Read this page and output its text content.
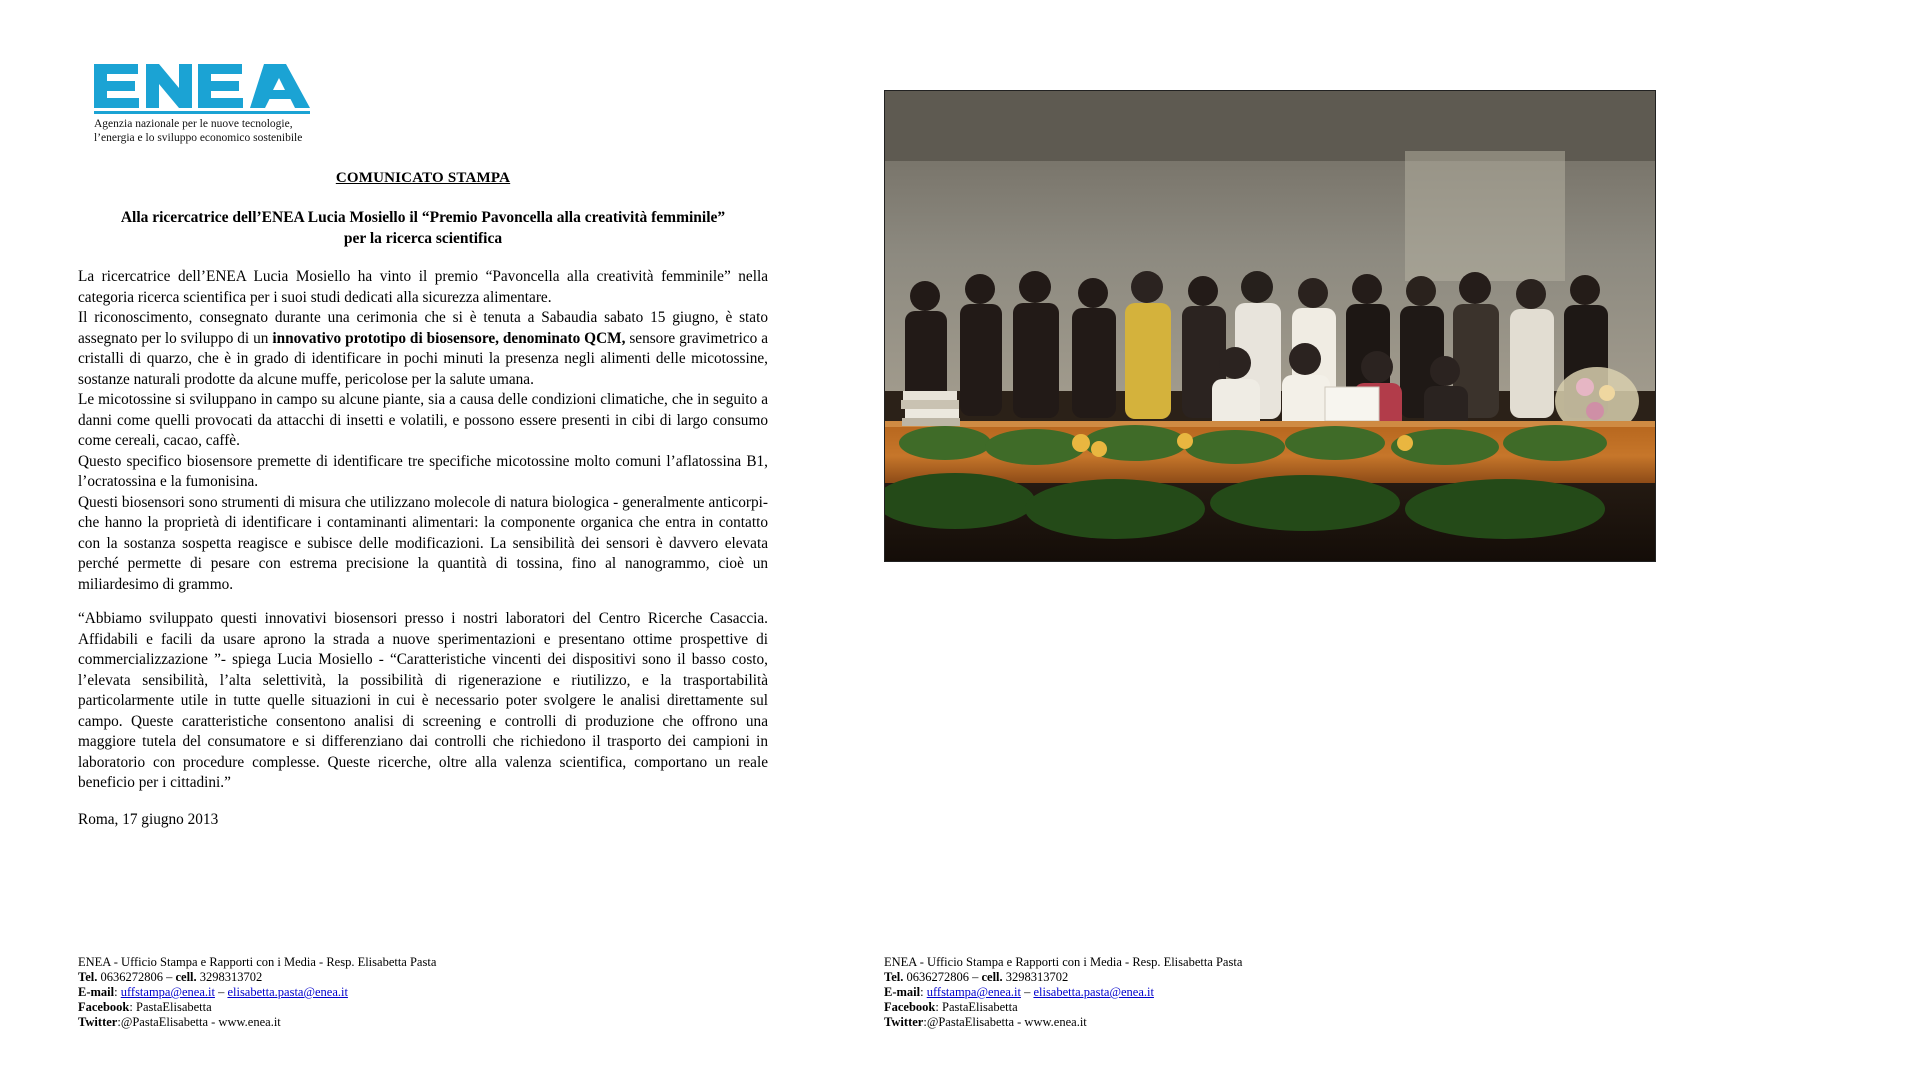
Agenzia nazionale per le nuove tecnologie,
l’energia e lo sviluppo economico sostenibile
COMUNICATO STAMPA
Alla ricercatrice dell’ENEA Lucia Mosiello il “Premio Pavoncella alla creatività femminile”
per la ricerca scientifica

La ricercatrice dell’ENEA Lucia Mosiello ha vinto il premio “Pavoncella alla creatività femminile” nella categoria ricerca scientifica per i suoi studi dedicati alla sicurezza alimentare.

Il riconoscimento, consegnato durante una cerimonia che si è tenuta a Sabaudia sabato 15 giugno, è stato assegnato per lo sviluppo di un innovativo prototipo di biosensore, denominato QCM, sensore gravimetrico a cristalli di quarzo, che è in grado di identificare in pochi minuti la presenza negli alimenti delle micotossine, sostanze naturali prodotte da alcune muffe, pericolose per la salute umana.

Le micotossine si sviluppano in campo su alcune piante, sia a causa delle condizioni climatiche, che in seguito a danni come quelli provocati da attacchi di insetti e volatili, e possono essere presenti in cibi di largo consumo come cereali, cacao, caffè.

Questo specifico biosensore premette di identificare tre specifiche micotossine molto comuni l’aflatossina B1, l’ocratossina e la fumonisina.

Questi biosensori sono strumenti di misura che utilizzano molecole di natura biologica - generalmente anticorpi- che hanno la proprietà di identificare i contaminanti alimentari: la componente organica che entra in contatto con la sostanza sospetta reagisce e subisce delle modificazioni. La sensibilità dei sensori è davvero elevata perché permette di pesare con estrema precisione la quantità di tossina, fino al nanogrammo, cioè un miliardesimo di grammo.

“Abbiamo sviluppato questi innovativi biosensori presso i nostri laboratori del Centro Ricerche Casaccia. Affidabili e facili da usare aprono la strada a nuove sperimentazioni e presentano ottime prospettive di commercializzazione ”- spiega Lucia Mosiello - “Caratteristiche vincenti dei dispositivi sono il basso costo, l’elevata sensibilità, l’alta selettività, la possibilità di rigenerazione e riutilizzo, e la trasportabilità particolarmente utile in tutte quelle situazioni in cui è necessario poter svolgere le analisi direttamente sul campo. Queste caratteristiche consentono analisi di screening e controlli di produzione che offrono una maggiore tutela del consumatore e si differenziano dai controlli che richiedono il trasporto dei campioni in laboratorio con procedure complesse. Queste ricerche, oltre alla valenza scientifica, comportano un reale beneficio per i cittadini.”

Roma, 17 giugno 2013

ENEA - Ufficio Stampa e Rapporti con i Media - Resp. Elisabetta Pasta
Tel. 0636272806 – cell. 3298313702
E-mail: uffstampa@enea.it – elisabetta.pasta@enea.it
Facebook: PastaElisabetta
Twitter:@PastaElisabetta - www.enea.it
ENEA - Ufficio Stampa e Rapporti con i Media - Resp. Elisabetta Pasta
Tel. 0636272806 – cell. 3298313702
E-mail: uffstampa@enea.it – elisabetta.pasta@enea.it
Facebook: PastaElisabetta
Twitter:@PastaElisabetta - www.enea.it
